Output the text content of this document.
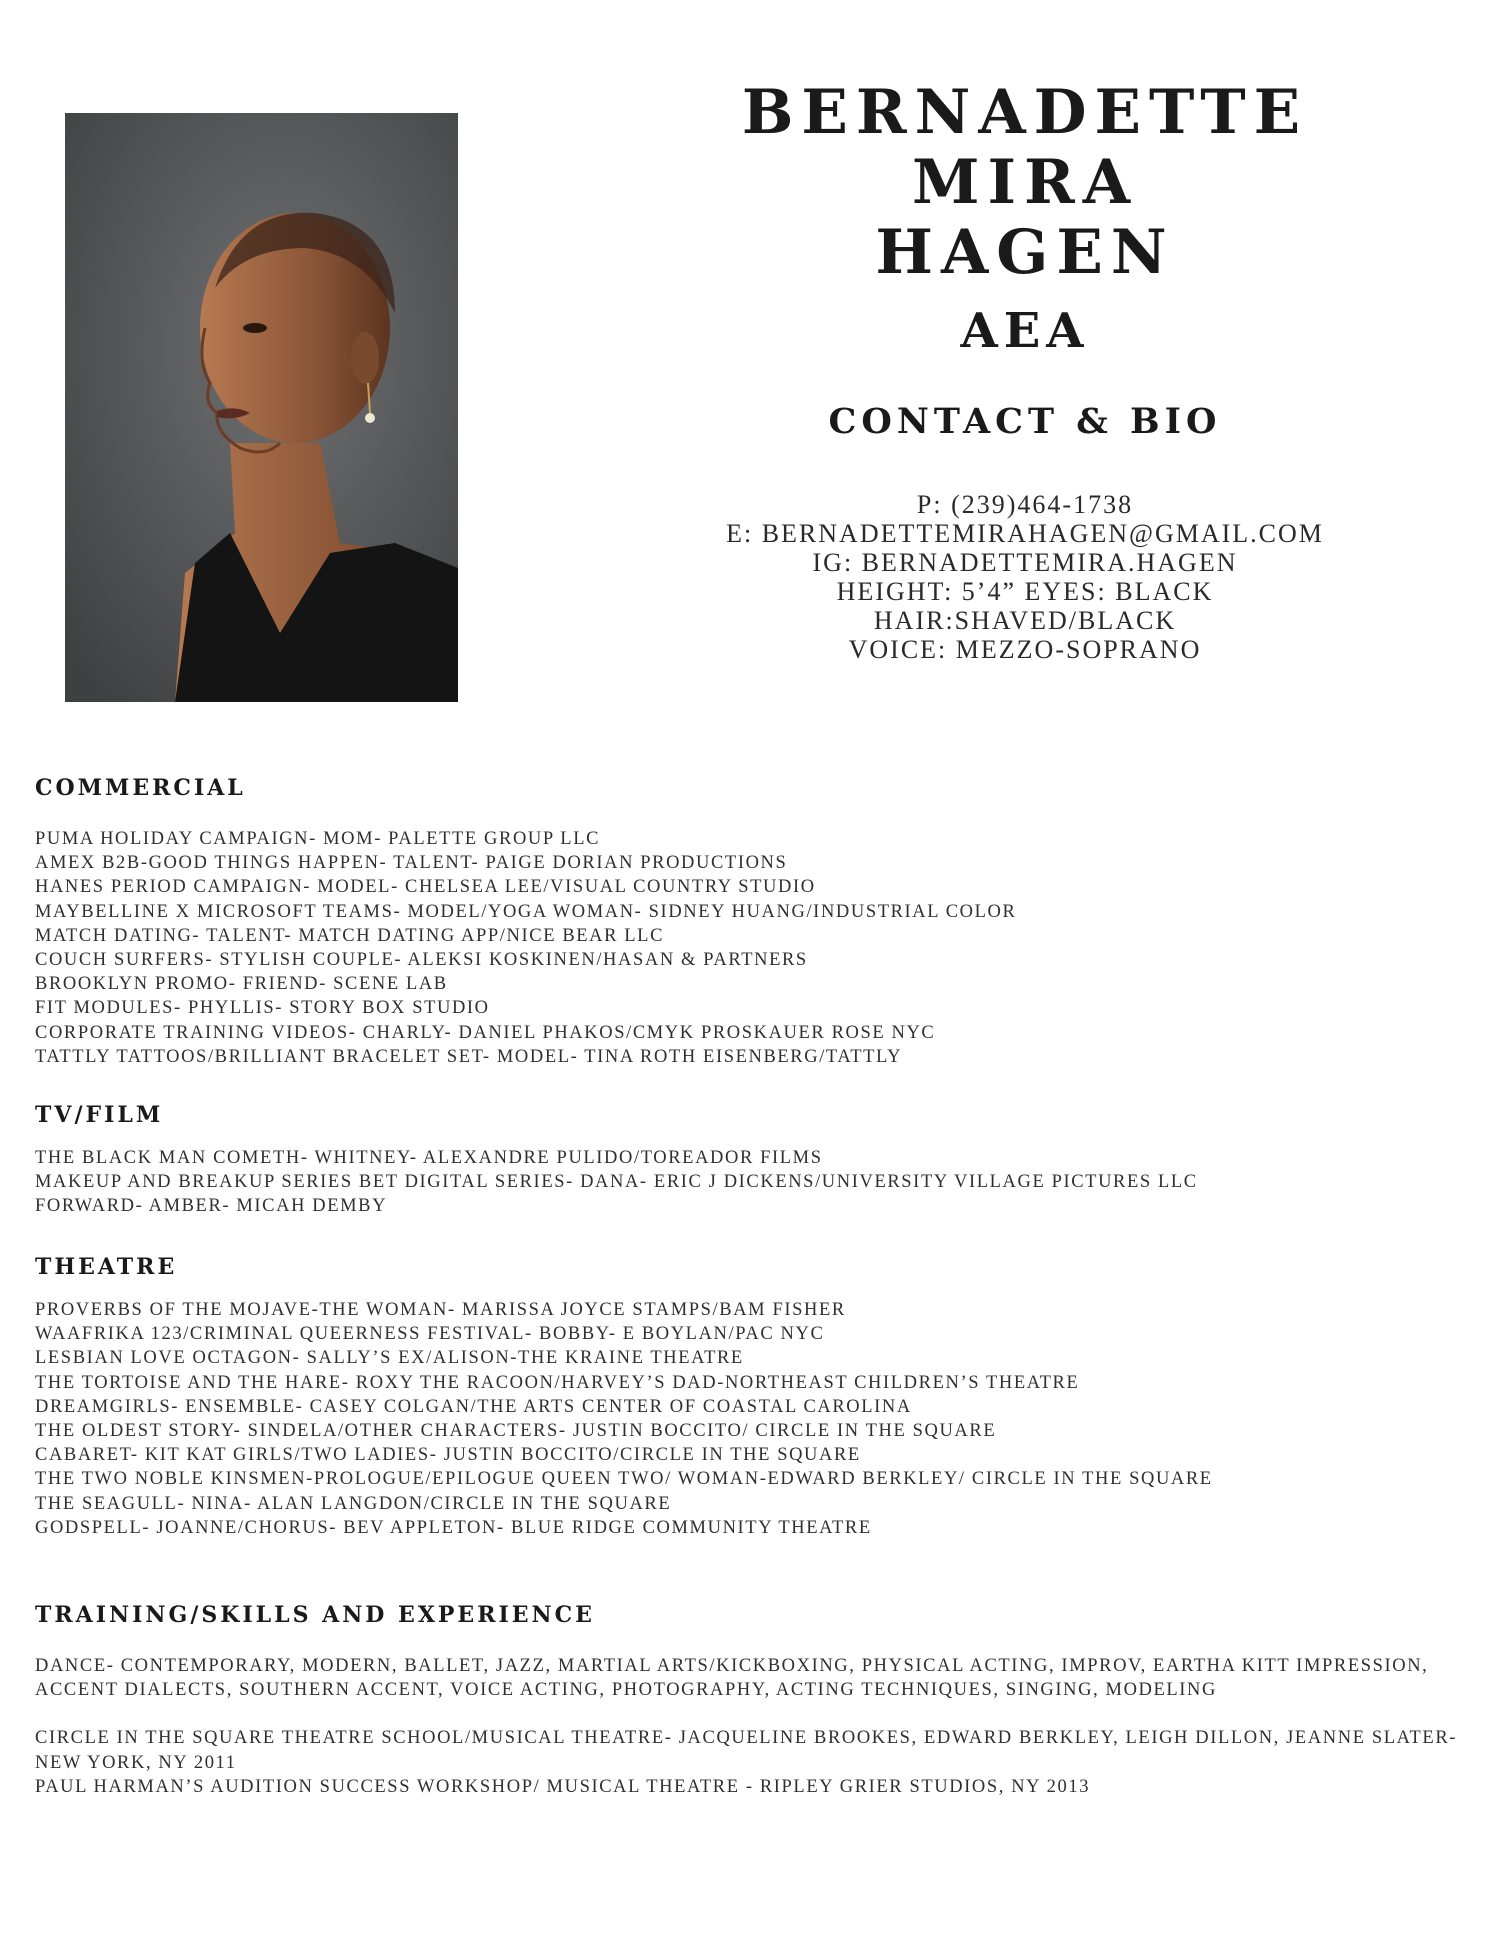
BERNADETTE MIRA
HAGEN
AEA
CONTACT & BIO
P: (239)464-1738
E: BERNADETTEMIRAHAGEN@GMAIL.COM
IG: BERNADETTEMIRA.HAGEN
HEIGHT: 5’4” EYES: BLACK
HAIR:SHAVED/BLACK
VOICE: MEZZO-SOPRANO
COMMERCIAL
PUMA HOLIDAY CAMPAIGN- MOM- PALETTE GROUP LLC
AMEX B2B-GOOD THINGS HAPPEN- TALENT- PAIGE DORIAN PRODUCTIONS
HANES PERIOD CAMPAIGN- MODEL- CHELSEA LEE/VISUAL COUNTRY STUDIO
MAYBELLINE X MICROSOFT TEAMS- MODEL/YOGA WOMAN- SIDNEY HUANG/INDUSTRIAL COLOR
MATCH DATING- TALENT- MATCH DATING APP/NICE BEAR LLC
COUCH SURFERS- STYLISH COUPLE- ALEKSI KOSKINEN/HASAN & PARTNERS
BROOKLYN PROMO- FRIEND- SCENE LAB
FIT MODULES- PHYLLIS- STORY BOX STUDIO
CORPORATE TRAINING VIDEOS- CHARLY- DANIEL PHAKOS/CMYK PROSKAUER ROSE NYC
TATTLY TATTOOS/BRILLIANT BRACELET SET- MODEL- TINA ROTH EISENBERG/TATTLY
TV/FILM
THE BLACK MAN COMETH- WHITNEY- ALEXANDRE PULIDO/TOREADOR FILMS
MAKEUP AND BREAKUP SERIES BET DIGITAL SERIES- DANA- ERIC J DICKENS/UNIVERSITY VILLAGE PICTURES LLC
FORWARD- AMBER- MICAH DEMBY
THEATRE
PROVERBS OF THE MOJAVE-THE WOMAN- MARISSA JOYCE STAMPS/BAM FISHER
WAAFRIKA 123/CRIMINAL QUEERNESS FESTIVAL- BOBBY- E BOYLAN/PAC NYC
LESBIAN LOVE OCTAGON- SALLY’S EX/ALISON-THE KRAINE THEATRE
THE TORTOISE AND THE HARE- ROXY THE RACOON/HARVEY’S DAD-NORTHEAST CHILDREN’S THEATRE
DREAMGIRLS- ENSEMBLE- CASEY COLGAN/THE ARTS CENTER OF COASTAL CAROLINA
THE OLDEST STORY- SINDELA/OTHER CHARACTERS- JUSTIN BOCCITO/ CIRCLE IN THE SQUARE
CABARET- KIT KAT GIRLS/TWO LADIES- JUSTIN BOCCITO/CIRCLE IN THE SQUARE
THE TWO NOBLE KINSMEN-PROLOGUE/EPILOGUE QUEEN TWO/ WOMAN-EDWARD BERKLEY/ CIRCLE IN THE SQUARE
THE SEAGULL- NINA- ALAN LANGDON/CIRCLE IN THE SQUARE
GODSPELL- JOANNE/CHORUS- BEV APPLETON- BLUE RIDGE COMMUNITY THEATRE
TRAINING/SKILLS AND EXPERIENCE
DANCE- CONTEMPORARY, MODERN, BALLET, JAZZ, MARTIAL ARTS/KICKBOXING, PHYSICAL ACTING, IMPROV, EARTHA KITT IMPRESSION, ACCENT DIALECTS, SOUTHERN ACCENT, VOICE ACTING, PHOTOGRAPHY, ACTING TECHNIQUES, SINGING, MODELING
CIRCLE IN THE SQUARE THEATRE SCHOOL/MUSICAL THEATRE- JACQUELINE BROOKES, EDWARD BERKLEY, LEIGH DILLON, JEANNE SLATER- NEW YORK, NY 2011
PAUL HARMAN’S AUDITION SUCCESS WORKSHOP/ MUSICAL THEATRE - RIPLEY GRIER STUDIOS, NY 2013
